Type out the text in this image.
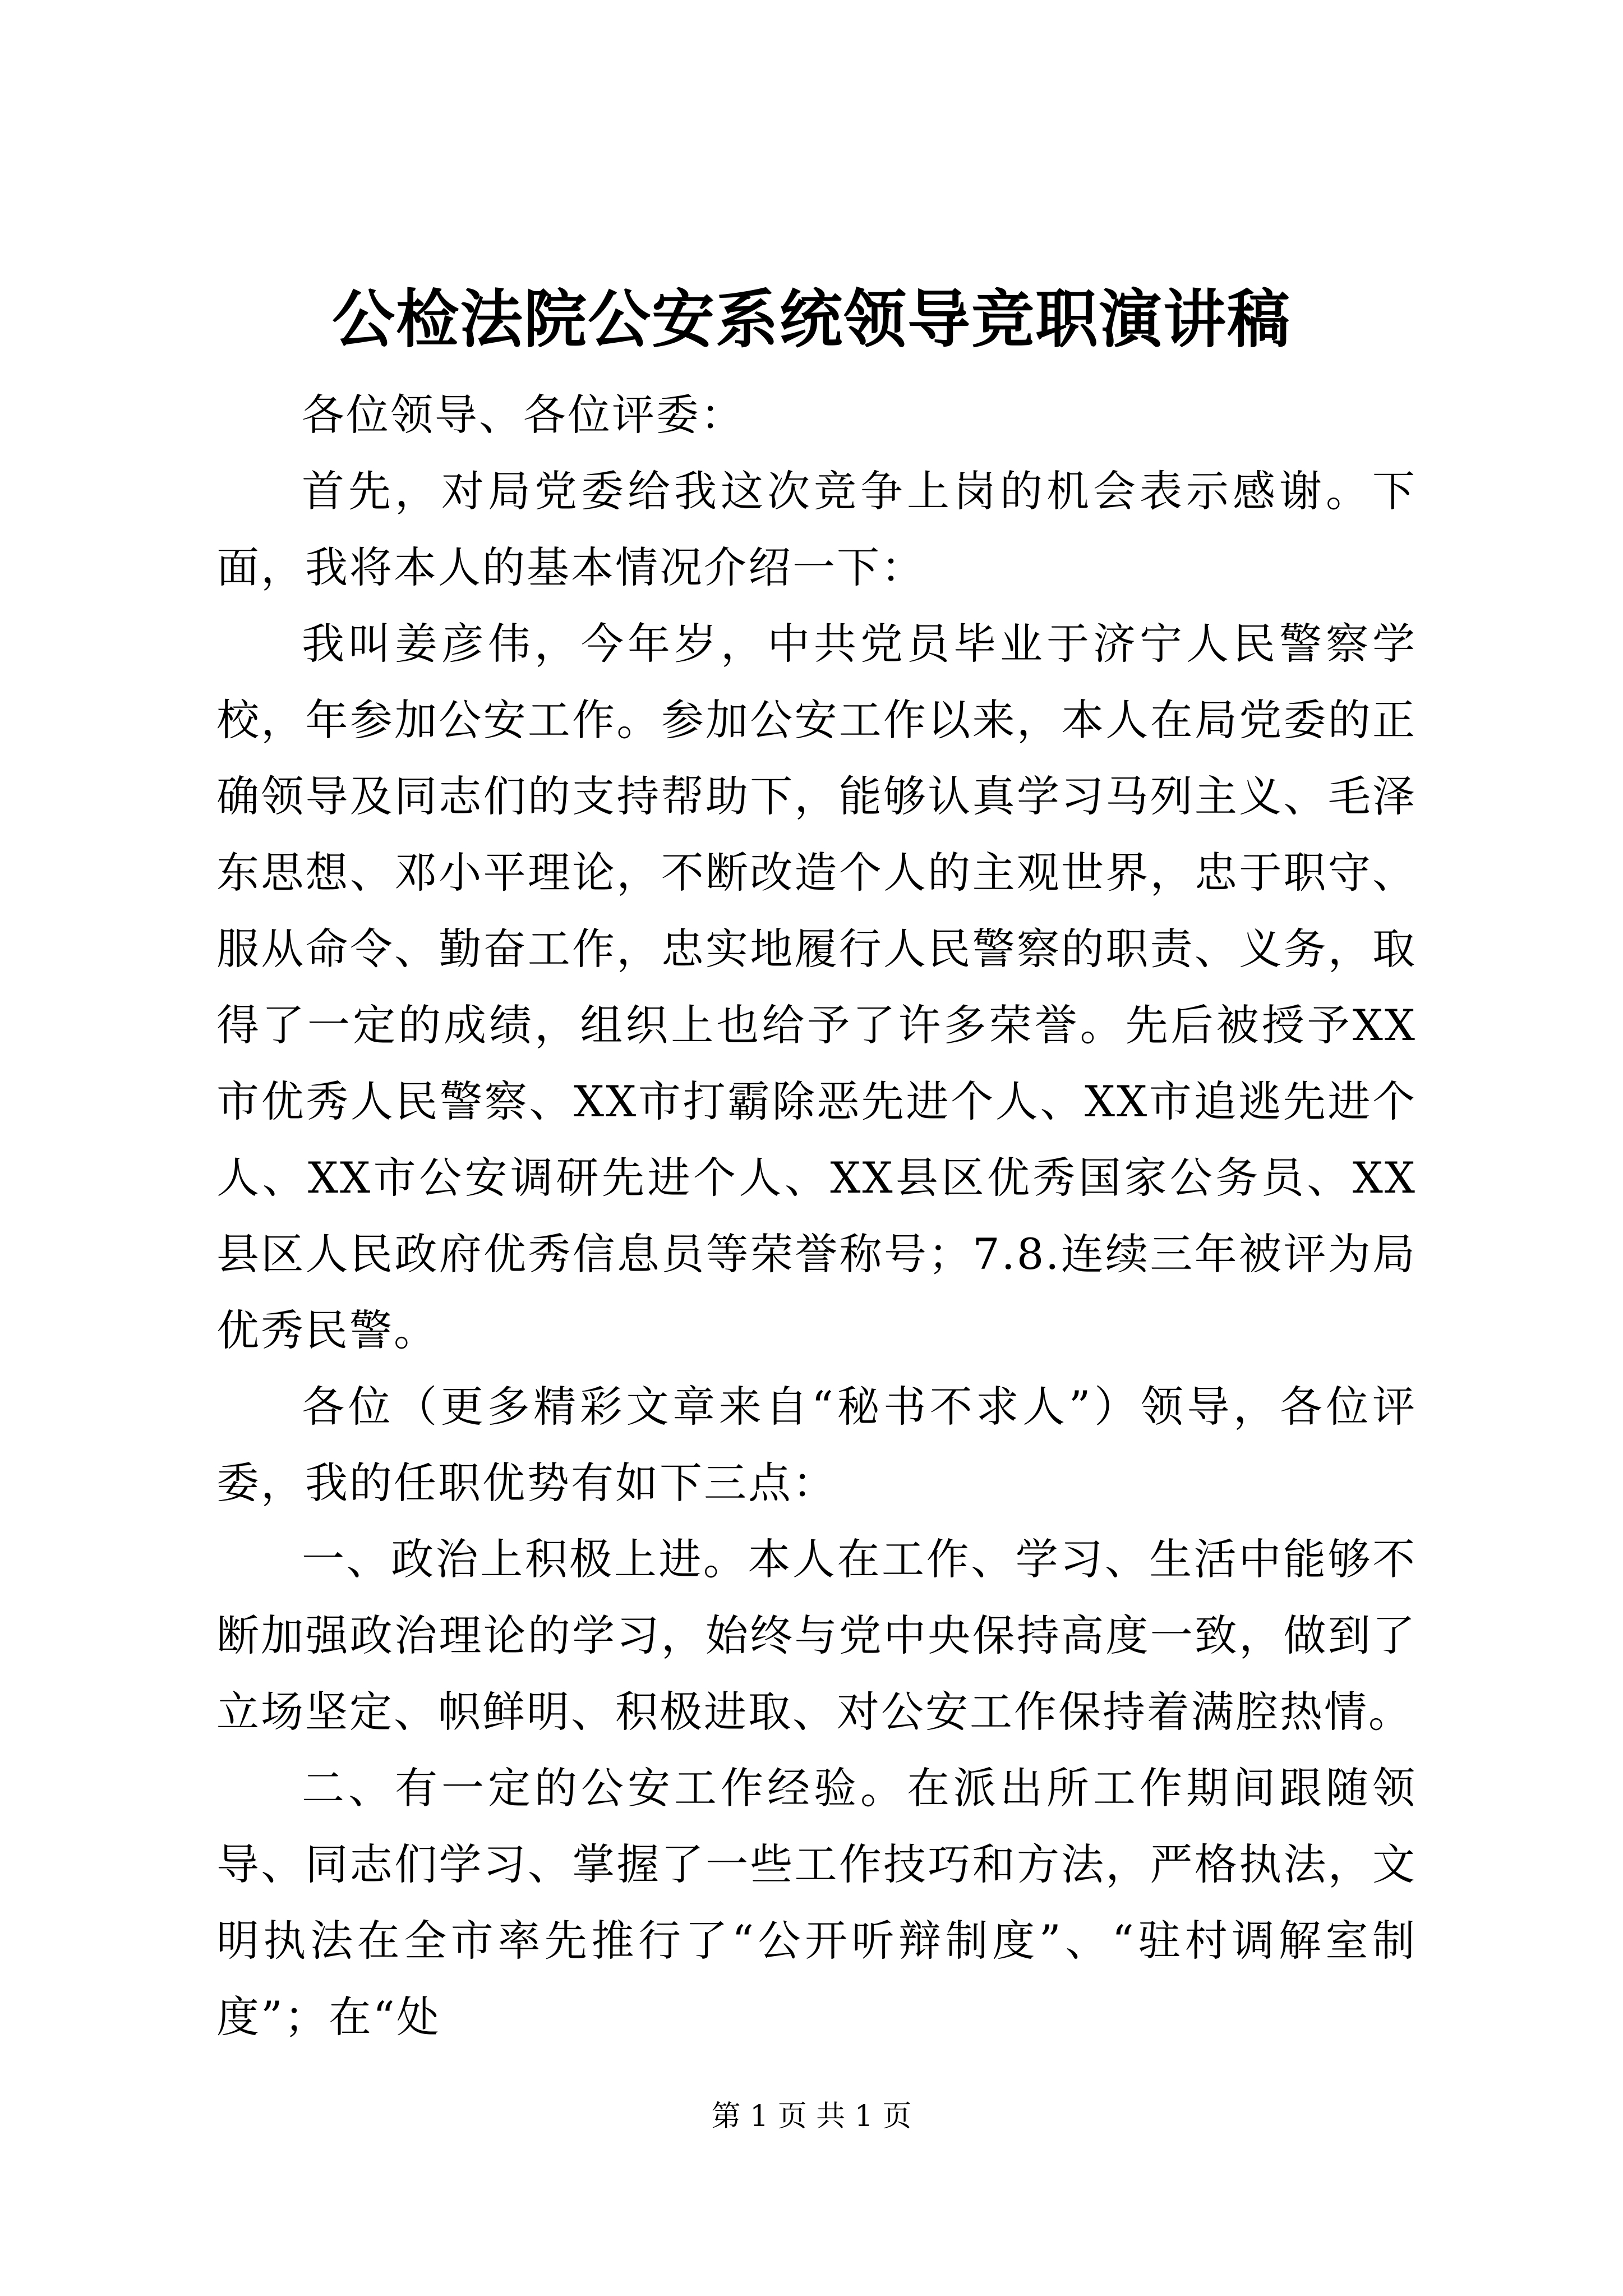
公检法院公安系统领导竞职演讲稿

各位领导、各位评委：

首先，对局党委给我这次竞争上岗的机会表示感谢。下面，我将本人的基本情况介绍一下：

我叫姜彦伟，今年岁，中共党员毕业于济宁人民警察学校，年参加公安工作。参加公安工作以来，本人在局党委的正确领导及同志们的支持帮助下，能够认真学习马列主义、毛泽东思想、邓小平理论，不断改造个人的主观世界，忠于职守、服从命令、勤奋工作，忠实地履行人民警察的职责、义务，取得了一定的成绩，组织上也给予了许多荣誉。先后被授予XX市优秀人民警察、XX市打霸除恶先进个人、XX市追逃先进个人、XX市公安调研先进个人、XX县区优秀国家公务员、XX县区人民政府优秀信息员等荣誉称号；7.8.连续三年被评为局优秀民警。

各位（更多精彩文章来自“秘书不求人”）领导，各位评委，我的任职优势有如下三点：

一、政治上积极上进。本人在工作、学习、生活中能够不断加强政治理论的学习，始终与党中央保持高度一致，做到了立场坚定、帜鲜明、积极进取、对公安工作保持着满腔热情。

二、有一定的公安工作经验。在派出所工作期间跟随领导、同志们学习、掌握了一些工作技巧和方法，严格执法，文明执法在全市率先推行了“公开听辩制度”、“驻村调解室制度”；在“处

第 1 页 共 1 页
